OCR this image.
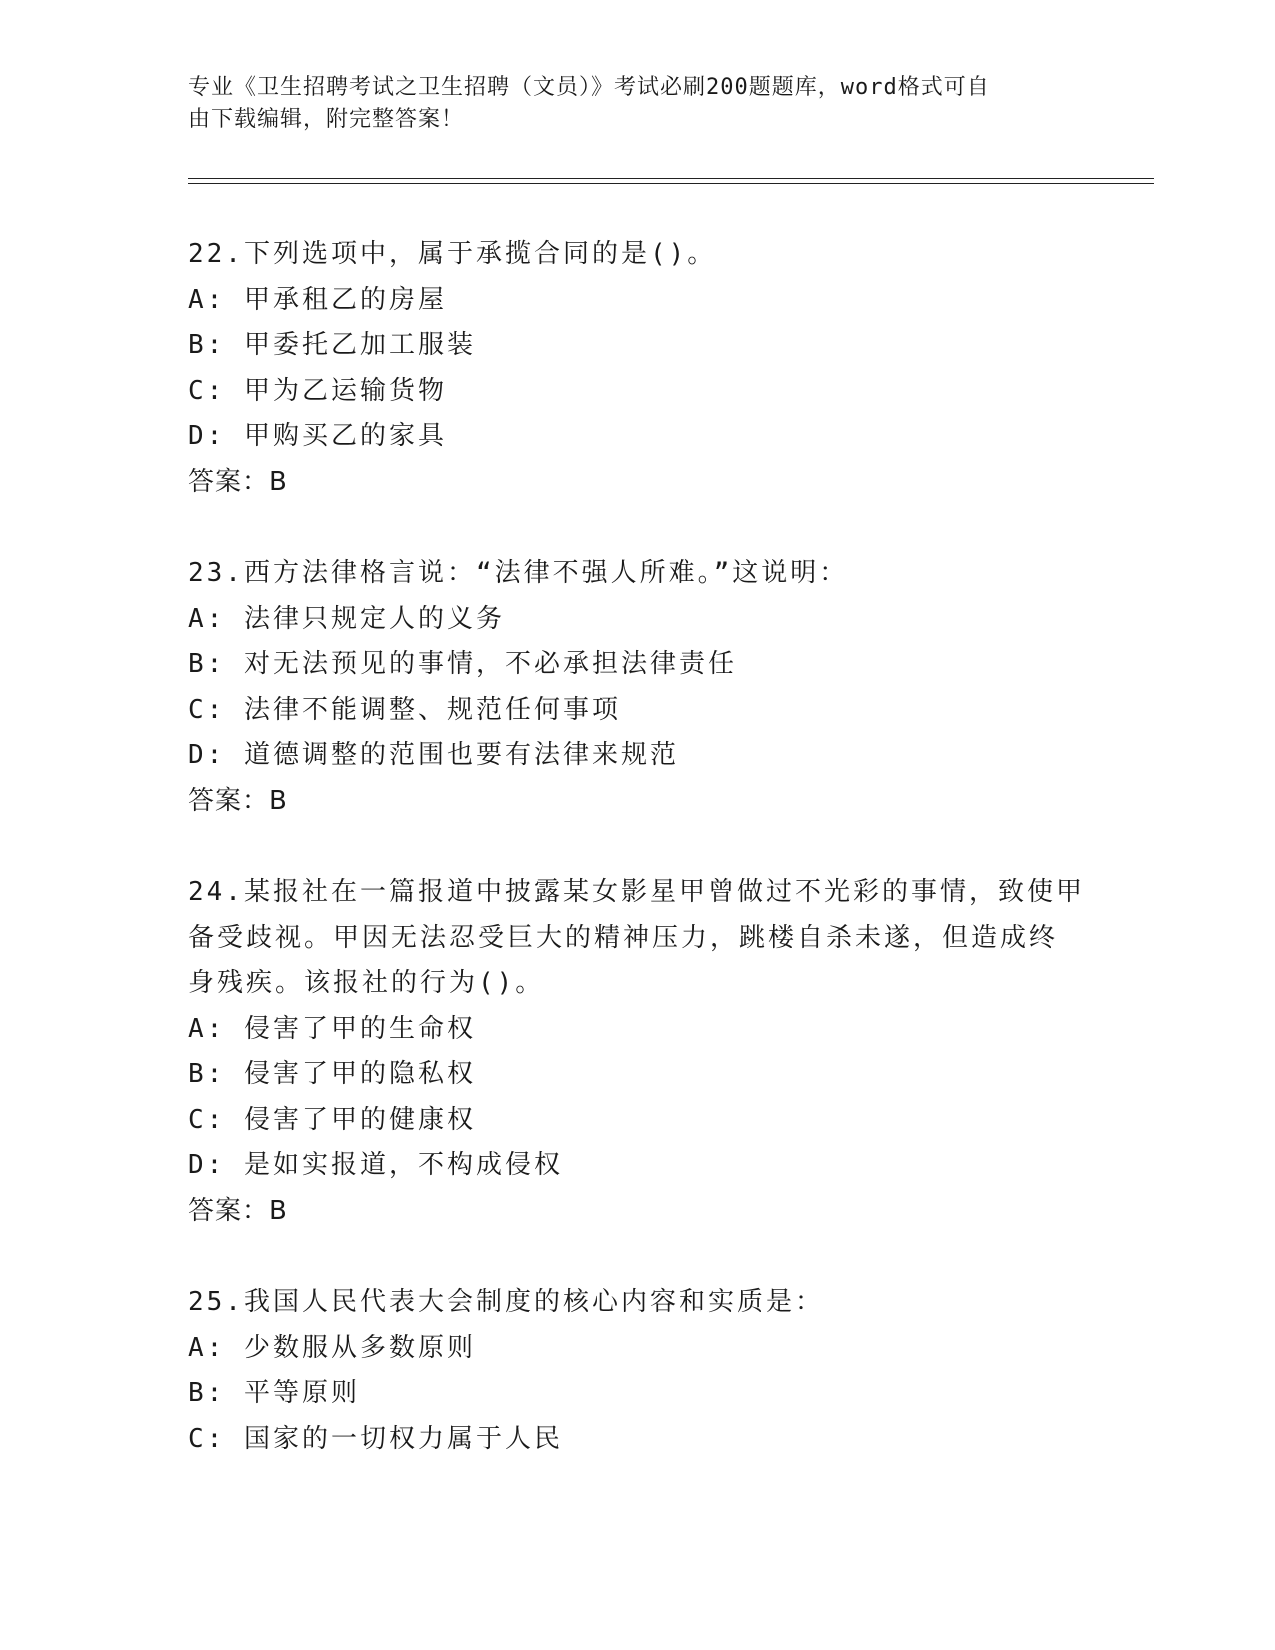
专业《卫生招聘考试之卫生招聘（文员）》考试必刷200题题库，word格式可自
由下载编辑，附完整答案！
22.下列选项中，属于承揽合同的是()。
A: 甲承租乙的房屋
B: 甲委托乙加工服装
C: 甲为乙运输货物
D: 甲购买乙的家具
答案：B
23.西方法律格言说：“法律不强人所难。”这说明：
A: 法律只规定人的义务
B: 对无法预见的事情，不必承担法律责任
C: 法律不能调整、规范任何事项
D: 道德调整的范围也要有法律来规范
答案：B
24.某报社在一篇报道中披露某女影星甲曾做过不光彩的事情，致使甲
备受歧视。甲因无法忍受巨大的精神压力，跳楼自杀未遂，但造成终
身残疾。该报社的行为()。
A: 侵害了甲的生命权
B: 侵害了甲的隐私权
C: 侵害了甲的健康权
D: 是如实报道，不构成侵权
答案：B
25.我国人民代表大会制度的核心内容和实质是：
A: 少数服从多数原则
B: 平等原则
C: 国家的一切权力属于人民
